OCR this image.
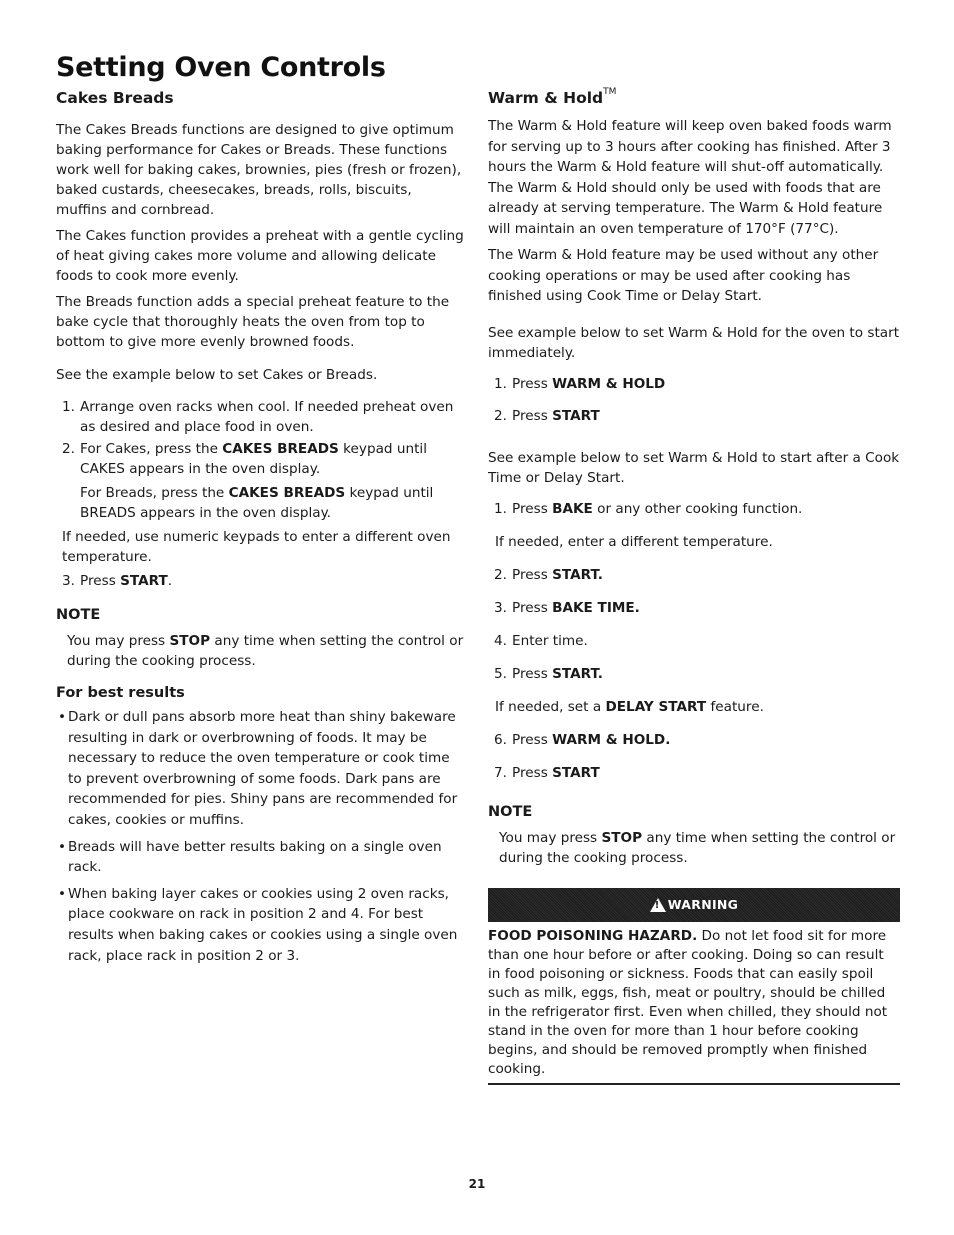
Setting Oven Controls
Cakes Breads

The Cakes Breads functions are designed to give optimum baking performance for Cakes or Breads. These functions work well for baking cakes, brownies, pies (fresh or frozen), baked custards, cheesecakes, breads, rolls, biscuits, muffins and cornbread.

The Cakes function provides a preheat with a gentle cycling of heat giving cakes more volume and allowing delicate foods to cook more evenly.

The Breads function adds a special preheat feature to the bake cycle that thoroughly heats the oven from top to bottom to give more evenly browned foods.

See the example below to set Cakes or Breads.

1. Arrange oven racks when cool. If needed preheat oven as desired and place food in oven.
2. For Cakes, press the CAKES BREADS keypad until CAKES appears in the oven display.
For Breads, press the CAKES BREADS keypad until BREADS appears in the oven display.

If needed, use numeric keypads to enter a different oven temperature.

3. Press START.
NOTE

You may press STOP any time when setting the control or during the cooking process.

For best results
• Dark or dull pans absorb more heat than shiny bakeware resulting in dark or overbrowning of foods. It may be necessary to reduce the oven temperature or cook time to prevent overbrowning of some foods. Dark pans are recommended for pies. Shiny pans are recommended for cakes, cookies or muffins.
• Breads will have better results baking on a single oven rack.
• When baking layer cakes or cookies using 2 oven racks, place cookware on rack in position 2 and 4. For best results when baking cakes or cookies using a single oven rack, place rack in position 2 or 3.
Warm & Hold™

The Warm & Hold feature will keep oven baked foods warm for serving up to 3 hours after cooking has finished. After 3 hours the Warm & Hold feature will shut-off automatically. The Warm & Hold should only be used with foods that are already at serving temperature. The Warm & Hold feature will maintain an oven temperature of 170°F (77°C).

The Warm & Hold feature may be used without any other cooking operations or may be used after cooking has finished using Cook Time or Delay Start.

See example below to set Warm & Hold for the oven to start immediately.

1. Press WARM & HOLD
2. Press START

See example below to set Warm & Hold to start after a Cook Time or Delay Start.

1. Press BAKE or any other cooking function.

If needed, enter a different temperature.

2. Press START.
3. Press BAKE TIME.
4. Enter time.
5. Press START.

If needed, set a DELAY START feature.

6. Press WARM & HOLD.
7. Press START
NOTE

You may press STOP any time when setting the control or during the cooking process.

!
WARNING

FOOD POISONING HAZARD. Do not let food sit for more than one hour before or after cooking. Doing so can result in food poisoning or sickness. Foods that can easily spoil such as milk, eggs, fish, meat or poultry, should be chilled in the refrigerator first. Even when chilled, they should not stand in the oven for more than 1 hour before cooking begins, and should be removed promptly when finished cooking.

21
